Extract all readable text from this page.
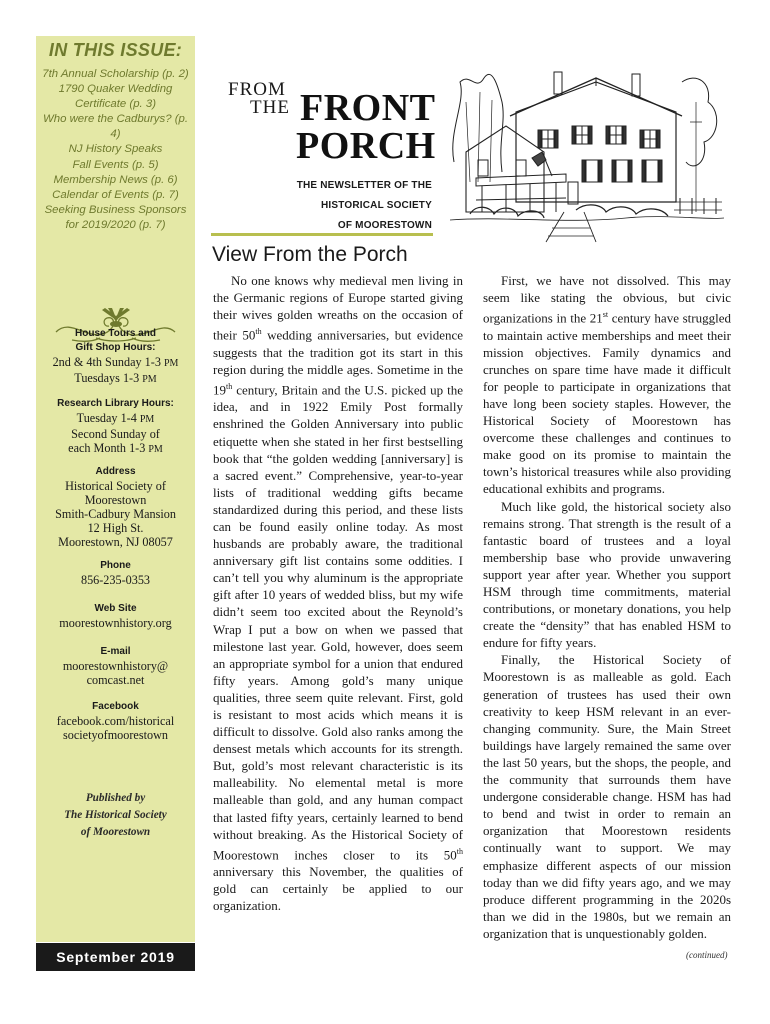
IN THIS ISSUE:
7th Annual Scholarship (p. 2)
1790 Quaker Wedding
Certificate (p. 3)
Who were the Cadburys? (p. 4)
NJ History Speaks
Fall Events (p. 5)
Membership News (p. 6)
Calendar of Events (p. 7)
Seeking Business Sponsors
for 2019/2020 (p. 7)
House Tours and
Gift Shop Hours:
2nd & 4th Sunday 1-3 PM
Tuesdays 1-3 PM
Research Library Hours:
Tuesday 1-4 PM
Second Sunday of
each Month 1-3 PM
Address
Historical Society of
Moorestown
Smith-Cadbury Mansion
12 High St.
Moorestown, NJ 08057
Phone
856-235-0353
Web Site
moorestownhistory.org
E-mail
moorestownhistory@
comcast.net
Facebook
facebook.com/historical
societyofmoorestown
Published by
The Historical Society
of Moorestown
September 2019
FROM
THE FRONT
PORCH
THE NEWSLETTER OF THE
HISTORICAL SOCIETY
OF MOORESTOWN
View From the Porch

No one knows why medieval men living in the Germanic regions of Europe started giving their wives golden wreaths on the occasion of their 50th wedding anniversaries, but evidence suggests that the tradition got its start in this region during the middle ages. Sometime in the 19th century, Britain and the U.S. picked up the idea, and in 1922 Emily Post formally enshrined the Golden Anniversary into public etiquette when she stated in her first bestselling book that “the golden wedding [anniversary] is a sacred event.” Comprehensive, year-to-year lists of traditional wedding gifts became standardized during this period, and these lists can be found easily online today. As most husbands are probably aware, the traditional anniversary gift list contains some oddities. I can’t tell you why aluminum is the appropriate gift after 10 years of wedded bliss, but my wife didn’t seem too excited about the Reynold’s Wrap I put a bow on when we passed that milestone last year. Gold, however, does seem an appropriate symbol for a union that endured fifty years. Among gold’s many unique qualities, three seem quite relevant. First, gold is resistant to most acids which means it is difficult to dissolve. Gold also ranks among the densest metals which accounts for its strength. But, gold’s most relevant characteristic is its malleability. No elemental metal is more malleable than gold, and any human compact that lasted fifty years, certainly learned to bend without breaking. As the Historical Society of Moorestown inches closer to its 50th anniversary this November, the qualities of gold can certainly be applied to our organization.

First, we have not dissolved. This may seem like stating the obvious, but civic organizations in the 21st century have struggled to maintain active memberships and meet their mission objectives. Family dynamics and crunches on spare time have made it difficult for people to participate in organizations that have long been society staples. However, the Historical Society of Moorestown has overcome these challenges and continues to make good on its promise to maintain the town’s historical treasures while also providing educational exhibits and programs.

Much like gold, the historical society also remains strong. That strength is the result of a fantastic board of trustees and a loyal membership base who provide unwavering support year after year. Whether you support HSM through time commitments, material contributions, or monetary donations, you help create the “density” that has enabled HSM to endure for fifty years.

Finally, the Historical Society of Moorestown is as malleable as gold. Each generation of trustees has used their own creativity to keep HSM relevant in an ever-changing community. Sure, the Main Street buildings have largely remained the same over the last 50 years, but the shops, the people, and the community that surrounds them have undergone considerable change. HSM has had to bend and twist in order to remain an organization that Moorestown residents continually want to support. We may emphasize different aspects of our mission today than we did fifty years ago, and we may produce different programming in the 2020s than we did in the 1980s, but we remain an organization that is unquestionably golden.

(continued)
